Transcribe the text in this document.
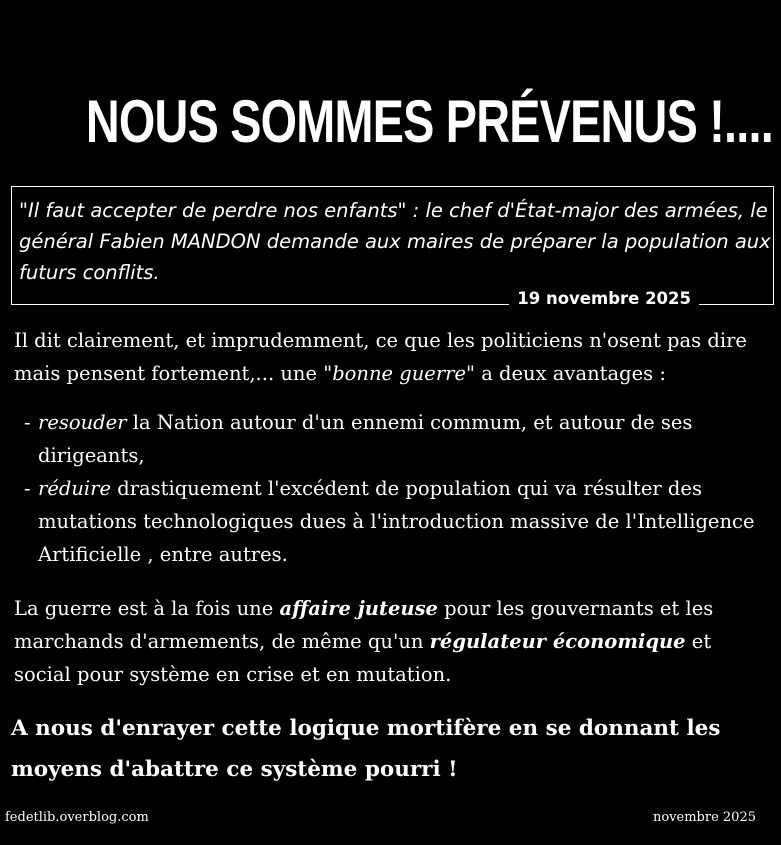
NOUS SOMMES PRÉVENUS !....

"Il faut accepter de perdre nos enfants" : le chef d'État-major des armées, le général Fabien MANDON demande aux maires de préparer la population aux futurs conflits.

19 novembre 2025

Il dit clairement, et imprudemment, ce que les politiciens n'osent pas dire mais pensent fortement,... une "bonne guerre" a deux avantages :

- resouder la Nation autour d'un ennemi commum, et autour de ses dirigeants,
- réduire drastiquement l'excédent de population qui va résulter des mutations technologiques dues à l'introduction massive de l'Intelligence Artificielle , entre autres.

La guerre est à la fois une affaire juteuse pour les gouvernants et les marchands d'armements, de même qu'un régulateur économique et social pour système en crise et en mutation.

A nous d'enrayer cette logique mortifère en se donnant les moyens d'abattre ce système pourri !

fedetlib.overblog.com	novembre 2025
